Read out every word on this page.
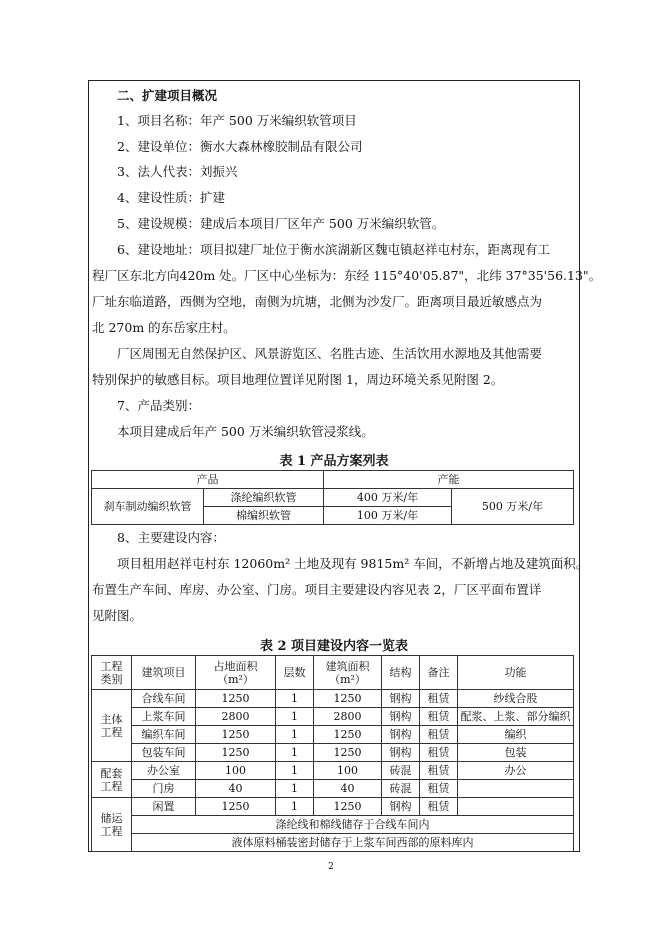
二、扩建项目概况
1、项目名称：年产 500 万米编织软管项目
2、建设单位：衡水大森林橡胶制品有限公司
3、法人代表：刘振兴
4、建设性质：扩建
5、建设规模：建成后本项目厂区年产 500 万米编织软管。
6、建设地址：项目拟建厂址位于衡水滨湖新区魏屯镇赵祥屯村东，距离现有工
程厂区东北方向420m 处。厂区中心坐标为：东经 115°40'05.87"，北纬 37°35'56.13"。
厂址东临道路，西侧为空地，南侧为坑塘，北侧为沙发厂。距离项目最近敏感点为
北 270m 的东岳家庄村。
厂区周围无自然保护区、风景游览区、名胜古迹、生活饮用水源地及其他需要
特别保护的敏感目标。项目地理位置详见附图 1，周边环境关系见附图 2。
7、产品类别：
本项目建成后年产 500 万米编织软管浸浆线。
表 1 产品方案列表
产品		产能	
刹车制动编织软管	涤纶编织软管	400 万米/年	500 万米/年
	棉编织软管	100 万米/年	
8、主要建设内容：
项目租用赵祥屯村东 12060m² 土地及现有 9815m² 车间，不新增占地及建筑面积。
布置生产车间、库房、办公室、门房。项目主要建设内容见表 2，厂区平面布置详
见附图。
表 2 项目建设内容一览表
工程
类别	建筑项目	占地面积
（m²）	层数	建筑面积
（m²）	结构	备注	功能
主体
工程	合线车间	1250	1	1250	钢构	租赁	纱线合股
	上浆车间	2800	1	2800	钢构	租赁	配浆、上浆、部分编织
	编织车间	1250	1	1250	钢构	租赁	编织
	包装车间	1250	1	1250	钢构	租赁	包装
配套
工程	办公室	100	1	100	砖混	租赁	办公
	门房	40	1	40	砖混	租赁	
储运
工程	闲置	1250	1	1250	钢构	租赁	
	涤纶线和棉线储存于合线车间内						
	液体原料桶装密封储存于上浆车间西部的原料库内						
2
